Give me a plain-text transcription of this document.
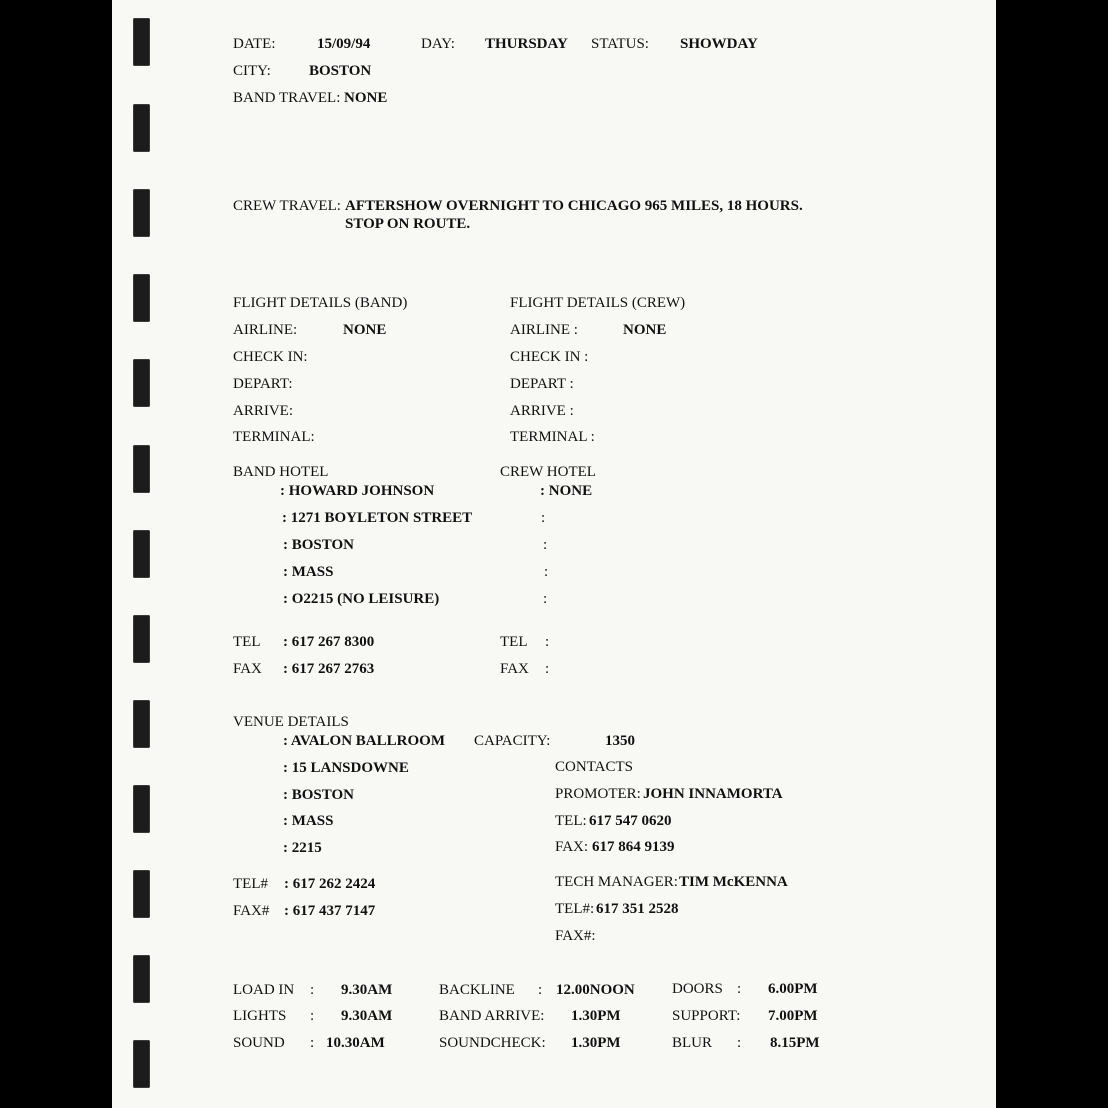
DATE:	15/09/94	DAY: THURSDAY STATUS: SHOWDAY
CITY:	BOSTON
BAND TRAVEL: NONE
CREW TRAVEL: AFTERSHOW OVERNIGHT TO CHICAGO 965 MILES, 18 HOURS.
STOP ON ROUTE.
FLIGHT DETAILS (BAND)
AIRLINE:	NONE
CHECK IN:
DEPART:
ARRIVE:
TERMINAL:
FLIGHT DETAILS (CREW)
AIRLINE :	NONE
CHECK IN :
DEPART :
ARRIVE :
TERMINAL :
BAND HOTEL
: HOWARD JOHNSON
: 1271 BOYLETON STREET
: BOSTON
: MASS
: O2215 (NO LEISURE)
TEL : 617 267 8300
FAX : 617 267 2763
CREW HOTEL
: NONE
:
:
:
:
TEL :
FAX :
VENUE DETAILS
: AVALON BALLROOM
: 15 LANSDOWNE
: BOSTON
: MASS
: 2215
CAPACITY:	1350
TEL# : 617 262 2424
FAX# : 617 437 7147
CONTACTS
PROMOTER: JOHN INNAMORTA
TEL: 617 547 0620
FAX: 617 864 9139
TECH MANAGER: TIM McKENNA
TEL#: 617 351 2528
FAX#:
LOAD IN : 9.30AM
LIGHTS : 9.30AM
SOUND : 10.30AM
BACKLINE : 12.00NOON
BAND ARRIVE: 1.30PM
SOUNDCHECK: 1.30PM
DOORS : 6.00PM
SUPPORT: 7.00PM
BLUR : 8.15PM
